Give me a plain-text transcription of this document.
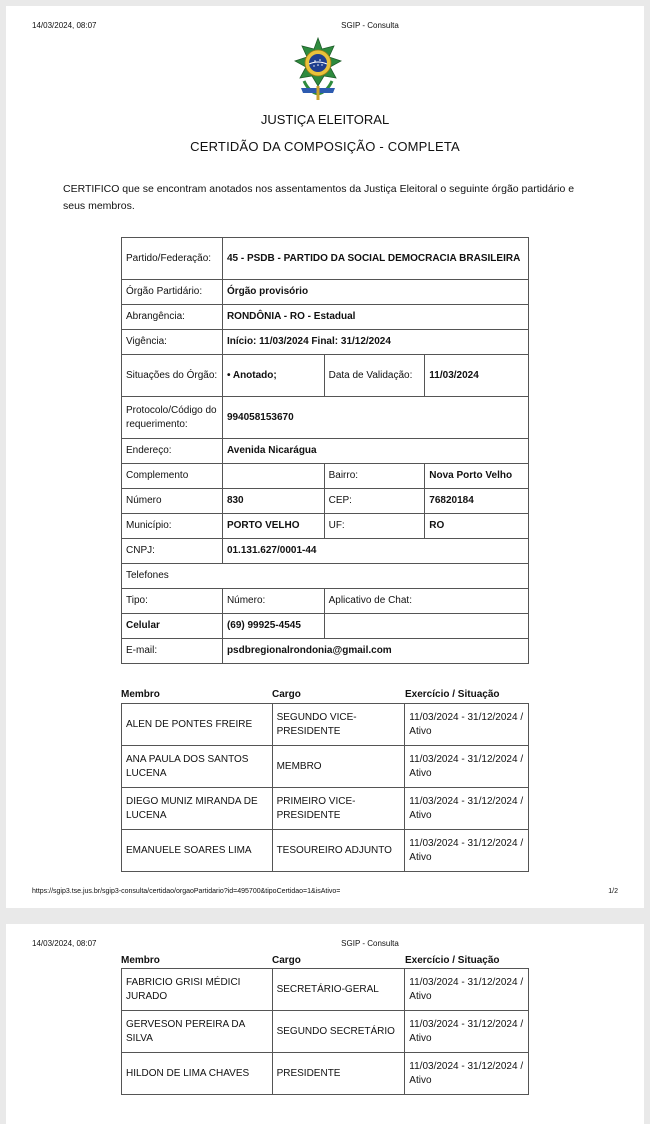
14/03/2024, 08:07	SGIP - Consulta
JUSTIÇA ELEITORAL
CERTIDÃO DA COMPOSIÇÃO - COMPLETA
CERTIFICO que se encontram anotados nos assentamentos da Justiça Eleitoral o seguinte órgão partidário e seus membros.
Partido/Federação:	45 - PSDB - PARTIDO DA SOCIAL DEMOCRACIA BRASILEIRA		
Órgão Partidário:	Órgão provisório		
Abrangência:	RONDÔNIA - RO - Estadual		
Vigência:	Início: 11/03/2024 Final: 31/12/2024		
Situações do Órgão:	• Anotado;	Data de Validação:	11/03/2024
Protocolo/Código do requerimento:	994058153670		
Endereço:	Avenida Nicarágua		
Complemento		Bairro:	Nova Porto Velho
Número	830	CEP:	76820184
Município:	PORTO VELHO	UF:	RO
CNPJ:	01.131.627/0001-44		
Telefones			
Tipo:	Número:	Aplicativo de Chat:	
Celular	(69) 99925-4545		
E-mail:	psdbregionalrondonia@gmail.com		
Membro	Cargo	Exercício / Situação
ALEN DE PONTES FREIRE	SEGUNDO VICE-PRESIDENTE	11/03/2024 - 31/12/2024 / Ativo
ANA PAULA DOS SANTOS LUCENA	MEMBRO	11/03/2024 - 31/12/2024 / Ativo
DIEGO MUNIZ MIRANDA DE LUCENA	PRIMEIRO VICE-PRESIDENTE	11/03/2024 - 31/12/2024 / Ativo
EMANUELE SOARES LIMA	TESOUREIRO ADJUNTO	11/03/2024 - 31/12/2024 / Ativo
https://sgip3.tse.jus.br/sgip3-consulta/certidao/orgaoPartidario?id=495700&tipoCertidao=1&isAtivo=	1/2
14/03/2024, 08:07	SGIP - Consulta
Membro	Cargo	Exercício / Situação
FABRICIO GRISI MÉDICI JURADO	SECRETÁRIO-GERAL	11/03/2024 - 31/12/2024 / Ativo
GERVESON PEREIRA DA SILVA	SEGUNDO SECRETÁRIO	11/03/2024 - 31/12/2024 / Ativo
HILDON DE LIMA CHAVES	PRESIDENTE	11/03/2024 - 31/12/2024 / Ativo
